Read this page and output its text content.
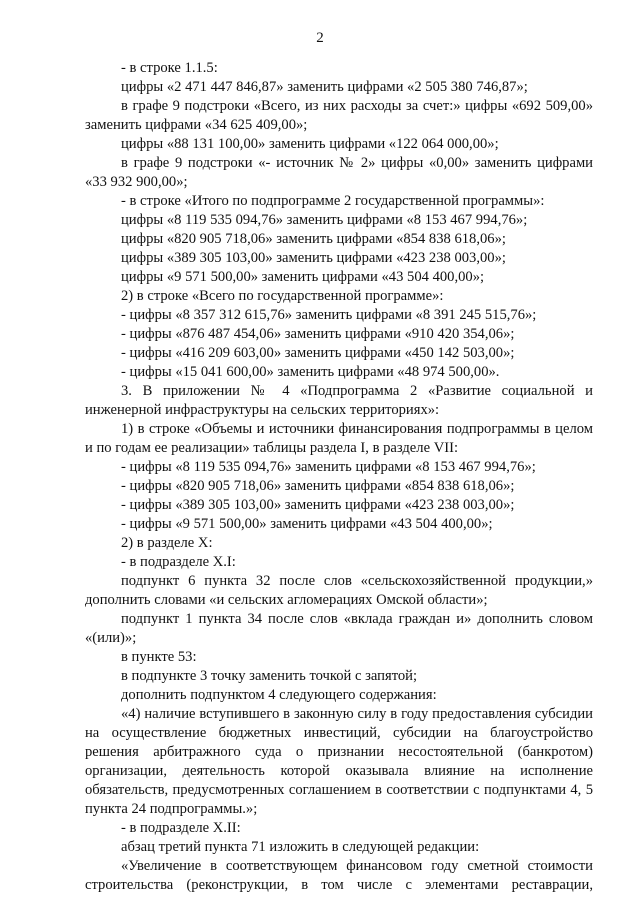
2

- в строке 1.1.5:

цифры «2 471 447 846,87» заменить цифрами «2 505 380 746,87»;

в графе 9 подстроки «Всего, из них расходы за счет:» цифры «692 509,00» заменить цифрами «34 625 409,00»;

цифры «88 131 100,00» заменить цифрами «122 064 000,00»;

в графе 9 подстроки «- источник № 2» цифры «0,00» заменить цифрами «33 932 900,00»;

- в строке «Итого по подпрограмме 2 государственной программы»:

цифры «8 119 535 094,76» заменить цифрами «8 153 467 994,76»;

цифры «820 905 718,06» заменить цифрами «854 838 618,06»;

цифры «389 305 103,00» заменить цифрами «423 238 003,00»;

цифры «9 571 500,00» заменить цифрами «43 504 400,00»;

2) в строке «Всего по государственной программе»:

- цифры «8 357 312 615,76» заменить цифрами «8 391 245 515,76»;

- цифры «876 487 454,06» заменить цифрами «910 420 354,06»;

- цифры «416 209 603,00» заменить цифрами «450 142 503,00»;

- цифры «15 041 600,00» заменить цифрами «48 974 500,00».

3. В приложении № 4 «Подпрограмма 2 «Развитие социальной и инженерной инфраструктуры на сельских территориях»:

1) в строке «Объемы и источники финансирования подпрограммы в целом и по годам ее реализации» таблицы раздела I, в разделе VII:

- цифры «8 119 535 094,76» заменить цифрами «8 153 467 994,76»;

- цифры «820 905 718,06» заменить цифрами «854 838 618,06»;

- цифры «389 305 103,00» заменить цифрами «423 238 003,00»;

- цифры «9 571 500,00» заменить цифрами «43 504 400,00»;

2) в разделе X:

- в подразделе X.I:

подпункт 6 пункта 32 после слов «сельскохозяйственной продукции,» дополнить словами «и сельских агломерациях Омской области»;

подпункт 1 пункта 34 после слов «вклада граждан и» дополнить словом «(или)»;

в пункте 53:

в подпункте 3 точку заменить точкой с запятой;

дополнить подпунктом 4 следующего содержания:

«4) наличие вступившего в законную силу в году предоставления субсидии на осуществление бюджетных инвестиций, субсидии на благоустройство решения арбитражного суда о признании несостоятельной (банкротом) организации, деятельность которой оказывала влияние на исполнение обязательств, предусмотренных соглашением в соответствии с подпунктами 4, 5 пункта 24 подпрограммы.»;

- в подразделе X.II:

абзац третий пункта 71 изложить в следующей редакции:

«Увеличение в соответствующем финансовом году сметной стоимости строительства (реконструкции, в том числе с элементами реставрации,
